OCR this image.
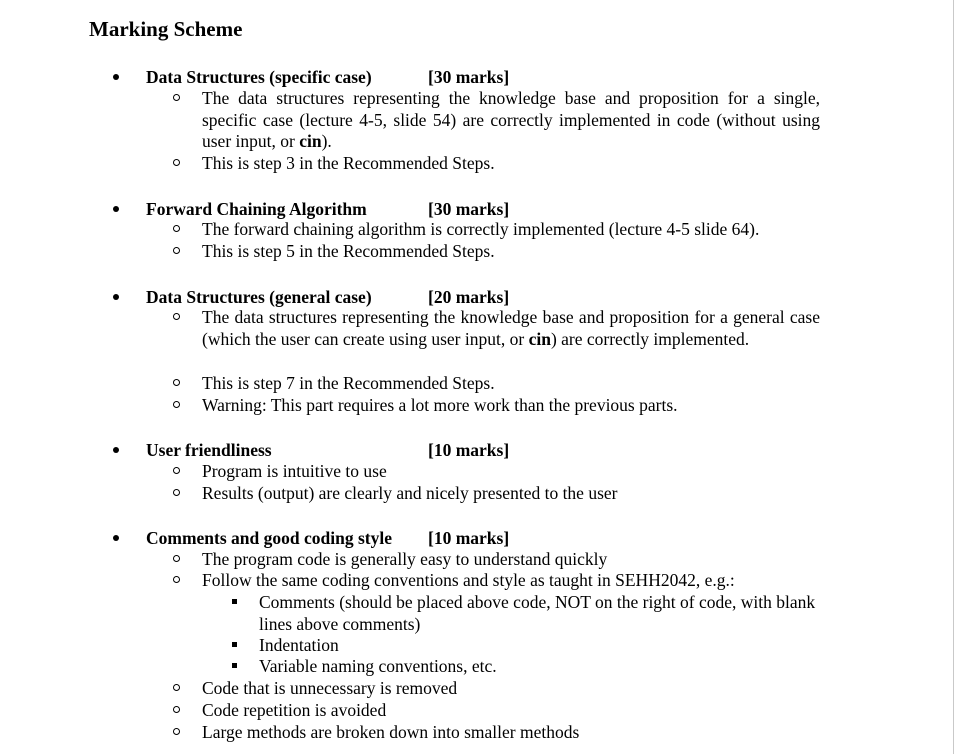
Marking Scheme
Data Structures (specific case)	[30 marks]
The data structures representing the knowledge base and proposition for a single, specific case (lecture 4-5, slide 54) are correctly implemented in code (without using user input, or cin).
This is step 3 in the Recommended Steps.
Forward Chaining Algorithm	[30 marks]
The forward chaining algorithm is correctly implemented (lecture 4-5 slide 64).
This is step 5 in the Recommended Steps.
Data Structures (general case)	[20 marks]
The data structures representing the knowledge base and proposition for a general case (which the user can create using user input, or cin) are correctly implemented.
This is step 7 in the Recommended Steps.
Warning: This part requires a lot more work than the previous parts.
User friendliness	[10 marks]
Program is intuitive to use
Results (output) are clearly and nicely presented to the user
Comments and good coding style [10 marks]
The program code is generally easy to understand quickly
Follow the same coding conventions and style as taught in SEHH2042, e.g.:
Comments (should be placed above code, NOT on the right of code, with blank lines above comments)
Indentation
Variable naming conventions, etc.
Code that is unnecessary is removed
Code repetition is avoided
Large methods are broken down into smaller methods
